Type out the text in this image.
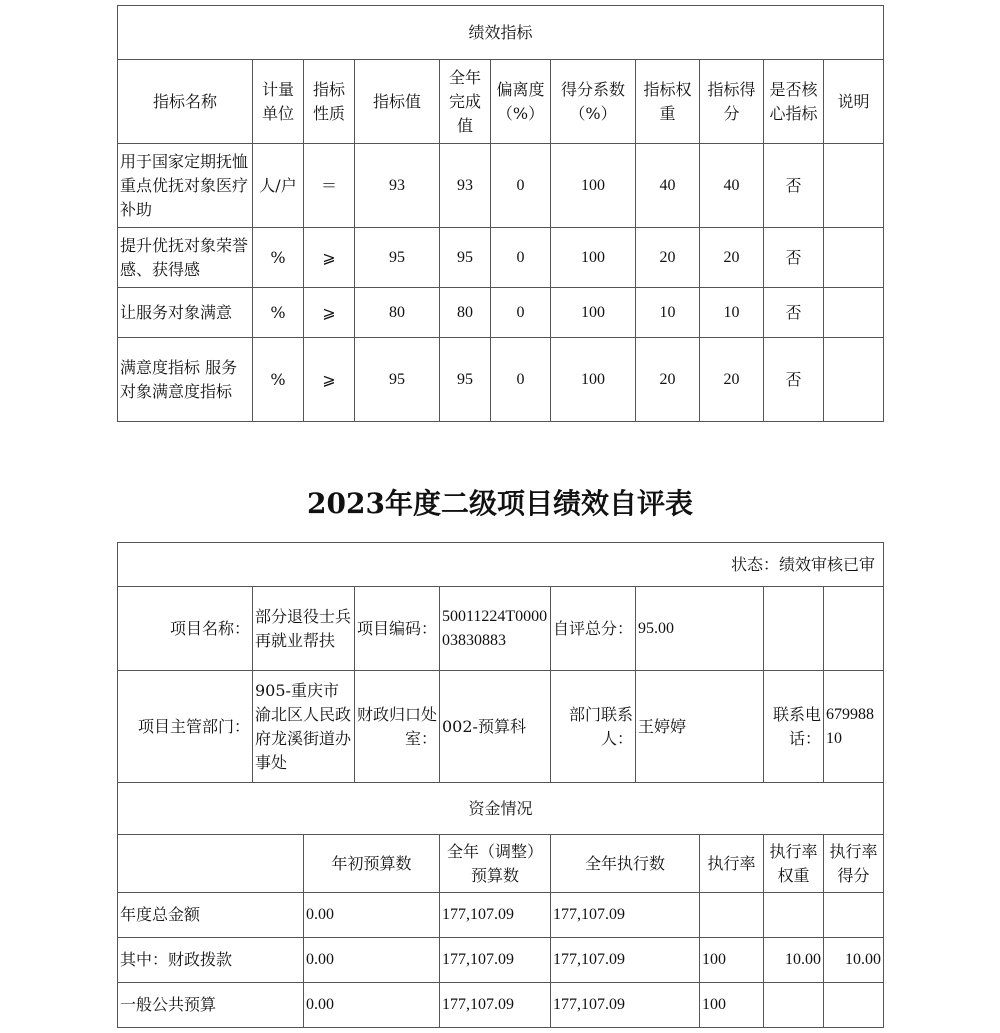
绩效指标										
指标名称	计量单位	指标性质	指标值	全年完成值	偏离度（%）	得分系数（%）	指标权重	指标得分	是否核心指标	说明
用于国家定期抚恤重点优抚对象医疗补助	人/户	＝	93	93	0	100	40	40	否	
提升优抚对象荣誉感、获得感	%	⩾	95	95	0	100	20	20	否	
让服务对象满意	%	⩾	80	80	0	100	10	10	否	
满意度指标 服务对象满意度指标	%	⩾	95	95	0	100	20	20	否	
2023年度二级项目绩效自评表
状态：绩效审核已审									
项目名称：	部分退役士兵再就业帮扶		项目编码：	50011224T000003830883	自评总分：	95.00			
项目主管部门：	905-重庆市渝北区人民政府龙溪街道办事处		财政归口处室：	002-预算科	部门联系人：	王婷婷		联系电话：	67998810
资金情况									
		年初预算数		全年（调整）预算数	全年执行数		执行率	执行率权重	执行率得分
年度总金额		0.00		177,107.09	177,107.09				
其中：财政拨款		0.00		177,107.09	177,107.09		100	10.00	10.00
一般公共预算		0.00		177,107.09	177,107.09		100		
